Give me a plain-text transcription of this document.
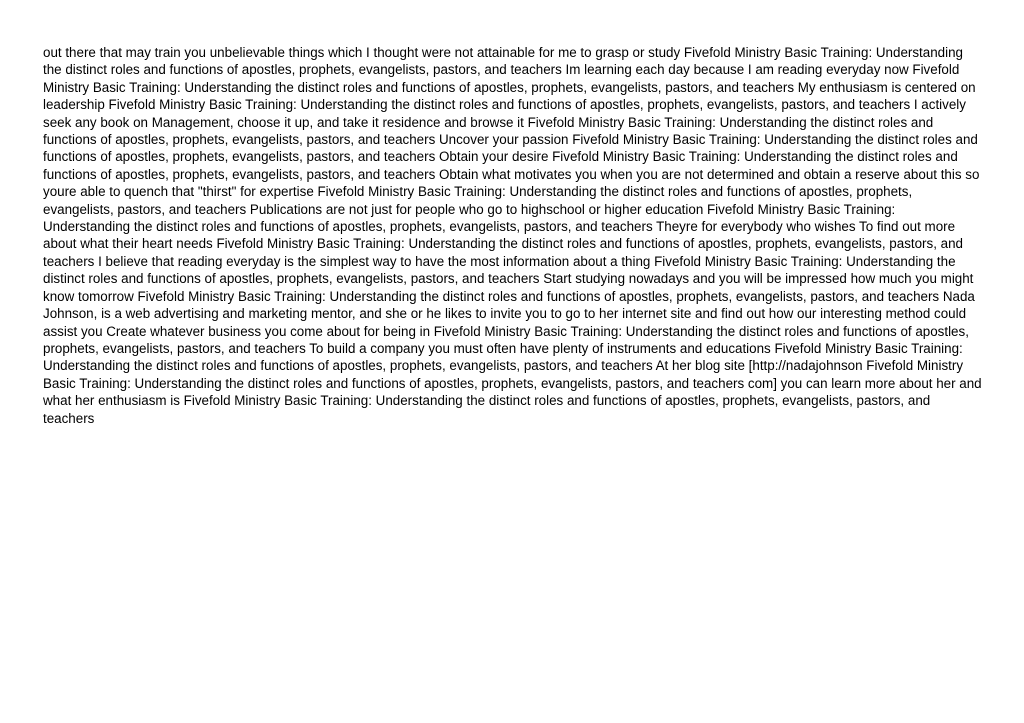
out there that may train you unbelievable things which I thought were not attainable for me to grasp or study Fivefold Ministry Basic Training: Understanding the distinct roles and functions of apostles, prophets, evangelists, pastors, and teachers Im learning each day because I am reading everyday now Fivefold Ministry Basic Training: Understanding the distinct roles and functions of apostles, prophets, evangelists, pastors, and teachers My enthusiasm is centered on leadership Fivefold Ministry Basic Training: Understanding the distinct roles and functions of apostles, prophets, evangelists, pastors, and teachers I actively seek any book on Management, choose it up, and take it residence and browse it Fivefold Ministry Basic Training: Understanding the distinct roles and functions of apostles, prophets, evangelists, pastors, and teachers Uncover your passion Fivefold Ministry Basic Training: Understanding the distinct roles and functions of apostles, prophets, evangelists, pastors, and teachers Obtain your desire Fivefold Ministry Basic Training: Understanding the distinct roles and functions of apostles, prophets, evangelists, pastors, and teachers Obtain what motivates you when you are not determined and obtain a reserve about this so youre able to quench that "thirst" for expertise Fivefold Ministry Basic Training: Understanding the distinct roles and functions of apostles, prophets, evangelists, pastors, and teachers Publications are not just for people who go to highschool or higher education Fivefold Ministry Basic Training: Understanding the distinct roles and functions of apostles, prophets, evangelists, pastors, and teachers Theyre for everybody who wishes To find out more about what their heart needs Fivefold Ministry Basic Training: Understanding the distinct roles and functions of apostles, prophets, evangelists, pastors, and teachers I believe that reading everyday is the simplest way to have the most information about a thing Fivefold Ministry Basic Training: Understanding the distinct roles and functions of apostles, prophets, evangelists, pastors, and teachers Start studying nowadays and you will be impressed how much you might know tomorrow Fivefold Ministry Basic Training: Understanding the distinct roles and functions of apostles, prophets, evangelists, pastors, and teachers Nada Johnson, is a web advertising and marketing mentor, and she or he likes to invite you to go to her internet site and find out how our interesting method could assist you Create whatever business you come about for being in Fivefold Ministry Basic Training: Understanding the distinct roles and functions of apostles, prophets, evangelists, pastors, and teachers To build a company you must often have plenty of instruments and educations Fivefold Ministry Basic Training: Understanding the distinct roles and functions of apostles, prophets, evangelists, pastors, and teachers At her blog site [http://nadajohnson Fivefold Ministry Basic Training: Understanding the distinct roles and functions of apostles, prophets, evangelists, pastors, and teachers com] you can learn more about her and what her enthusiasm is Fivefold Ministry Basic Training: Understanding the distinct roles and functions of apostles, prophets, evangelists, pastors, and teachers
